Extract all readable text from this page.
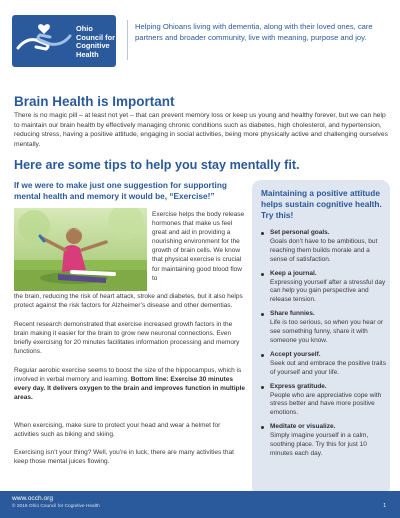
Ohio
Council for
Cognitive
Health
Helping Ohioans living with dementia, along with their loved ones, care partners and broader community, live with meaning, purpose and joy.
Brain Health is Important
There is no magic pill – at least not yet – that can prevent memory loss or keep us young and healthy forever, but we can help to maintain our brain health by effectively managing chronic conditions such as diabetes, high cholesterol, and hypertension, reducing stress, having a positive attitude, engaging in social activities, being more physically active and challenging ourselves mentally.
Here are some tips to help you stay mentally fit.
If we were to make just one suggestion for supporting mental health and memory it would be, “Exercise!”
Exercise helps the body release hormones that make us feel great and aid in providing a nourishing environment for the growth of brain cells. We know that physical exercise is crucial for maintaining good blood flow to
the brain, reducing the risk of heart attack, stroke and diabetes, but it also helps protect against the risk factors for Alzheimer’s disease and other dementias.
Recent research demonstrated that exercise increased growth factors in the brain making it easier for the brain to grow new neuronal connections. Even briefly exercising for 20 minutes facilitates information processing and memory functions.
Regular aerobic exercise seems to boost the size of the hippocampus, which is involved in verbal memory and learning. Bottom line: Exercise 30 minutes every day. It delivers oxygen to the brain and improves function in multiple areas.
When exercising, make sure to protect your head and wear a helmet for activities such as biking and skiing.
Exercising isn’t your thing? Well, you’re in luck, there are many activities that keep those mental juices flowing.
Maintaining a positive attitude helps sustain cognitive health. Try this!
Set personal goals.
Goals don’t have to be ambitious, but reaching them builds morale and a sense of satisfaction.
Keep a journal.
Expressing yourself after a stressful day can help you gain perspective and release tension.
Share funnies.
Life is too serious, so when you hear or see something funny, share it with someone you know.
Accept yourself.
Seek out and embrace the positive traits of yourself and your life.
Express gratitude.
People who are appreciative cope with stress better and have more positive emotions.
Meditate or visualize.
Simply imagine yourself in a calm, soothing place. Try this for just 10 minutes each day.
www.occh.org
© 2016 Ohio Council for Cognitive Health	1
